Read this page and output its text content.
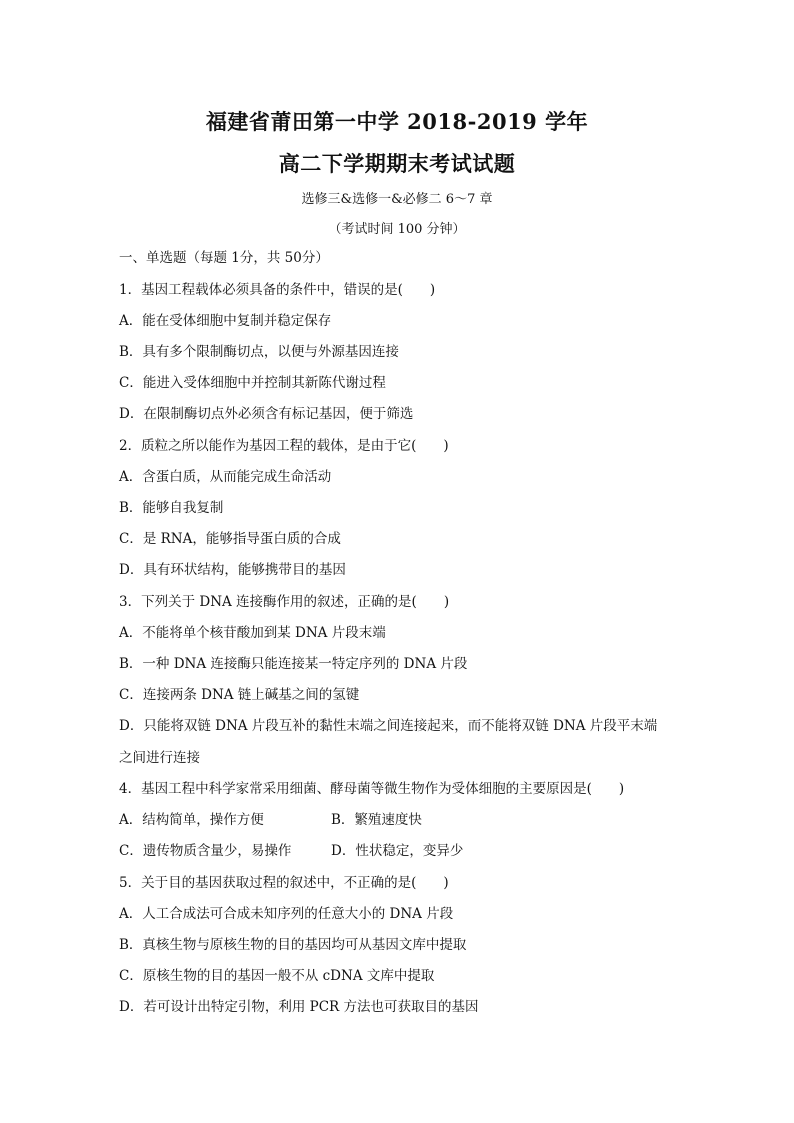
福建省莆田第一中学 2018-2019 学年
高二下学期期末考试试题
选修三&选修一&必修二 6～7 章
（考试时间 100 分钟）
一、单选题（每题 1分，共 50分）
1．基因工程载体必须具备的条件中，错误的是(　　)
A．能在受体细胞中复制并稳定保存
B．具有多个限制酶切点，以便与外源基因连接
C．能进入受体细胞中并控制其新陈代谢过程
D．在限制酶切点外必须含有标记基因，便于筛选
2．质粒之所以能作为基因工程的载体，是由于它(　　)
A．含蛋白质，从而能完成生命活动
B．能够自我复制
C．是 RNA，能够指导蛋白质的合成
D．具有环状结构，能够携带目的基因
3．下列关于 DNA 连接酶作用的叙述，正确的是(　　)
A．不能将单个核苷酸加到某 DNA 片段末端
B．一种 DNA 连接酶只能连接某一特定序列的 DNA 片段
C．连接两条 DNA 链上碱基之间的氢键
D．只能将双链 DNA 片段互补的黏性末端之间连接起来，而不能将双链 DNA 片段平末端
之间进行连接
4．基因工程中科学家常采用细菌、酵母菌等微生物作为受体细胞的主要原因是(　　)
A．结构简单，操作方便	B．繁殖速度快
C．遗传物质含量少，易操作	D．性状稳定，变异少
5．关于目的基因获取过程的叙述中，不正确的是(　　)
A．人工合成法可合成未知序列的任意大小的 DNA 片段
B．真核生物与原核生物的目的基因均可从基因文库中提取
C．原核生物的目的基因一般不从 cDNA 文库中提取
D．若可设计出特定引物，利用 PCR 方法也可获取目的基因
